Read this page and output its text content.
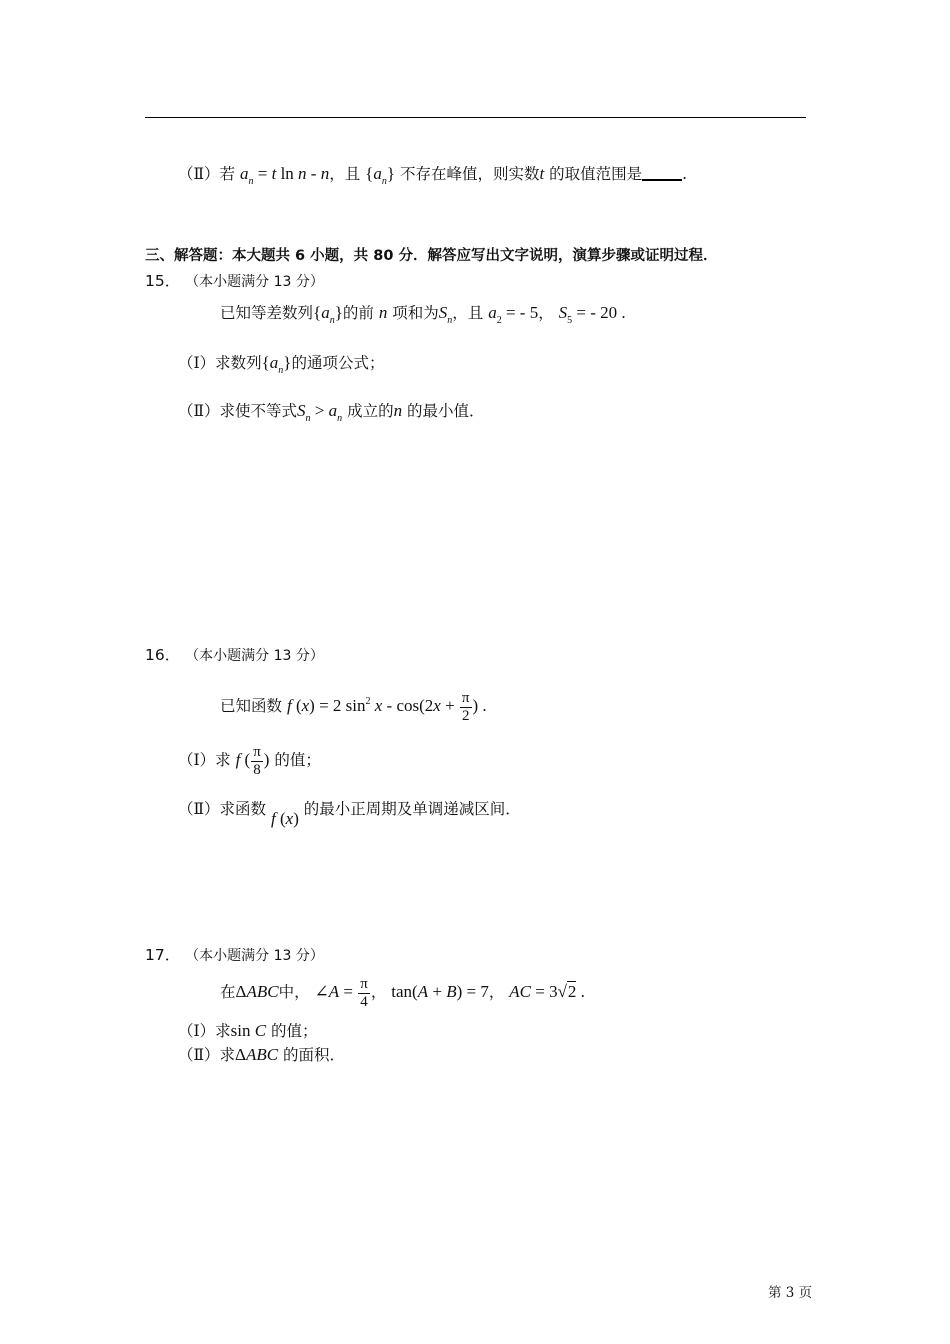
（Ⅱ）若 $a_n = t$ ln n - n，且 $\{a_n\}$ 不存在峰值，则实数t 的取值范围是	.
三、解答题：本大题共 6 小题，共 80 分．解答应写出文字说明，演算步骤或证明过程．
15． （本小题满分 13 分）
已知等差数列$\{a_n\}$的前 n 项和为$S_n$，且 $a_2$ = - 5， $S_5$ = - 20 .
（Ⅰ）求数列$\{a_n\}$的通项公式；
（Ⅱ）求使不等式$S_n > a_n$ 成立的n 的最小值．
16． （本小题满分 13 分）
已知函数 f (x) = 2 $\sin^2 x - \cos(2x + \frac{\pi}{2}$ ) .
（Ⅰ）求 f ( $\frac{\pi}{8}$ ) 的值；
（Ⅱ）求函数 f (x) 的最小正周期及单调递减区间．
17． （本小题满分 13 分）
在ΔABC中， ∠A = $\frac{\pi}{4}$ ， tan(A + B) = 7， AC = 3√2 .
（Ⅰ）求sin C 的值；
（Ⅱ）求ΔABC 的面积．
第 3 页
